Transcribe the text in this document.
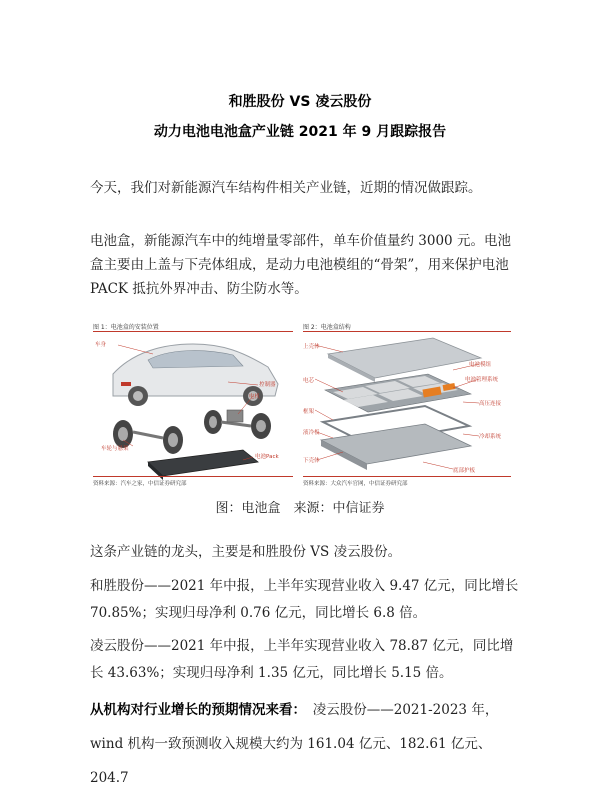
和胜股份 VS 凌云股份
动力电池电池盒产业链 2021 年 9 月跟踪报告
今天，我们对新能源汽车结构件相关产业链，近期的情况做跟踪。
电池盒，新能源汽车中的纯增量零部件，单车价值量约 3000 元。电池盒主要由上盖与下壳体组成，是动力电池模组的“骨架”，用来保护电池 PACK 抵抗外界冲击、防尘防水等。
图 1：电池盒的安装位置
车身
控制器
电机
车轮与悬架
电池Pack
资料来源：汽车之家，中信证券研究部
图 2：电池盒结构
上壳体
电芯
框架
液冷板
下壳体
电池模组
电池管理系统
高压连接
冷却系统
底部护板
资料来源：大众汽车官网，中信证券研究部
图：电池盒　来源：中信证券
这条产业链的龙头，主要是和胜股份 VS 凌云股份。
和胜股份——2021 年中报，上半年实现营业收入 9.47 亿元，同比增长 70.85%；实现归母净利 0.76 亿元，同比增长 6.8 倍。
凌云股份——2021 年中报，上半年实现营业收入 78.87 亿元，同比增长 43.63%；实现归母净利 1.35 亿元，同比增长 5.15 倍。
从机构对行业增长的预期情况来看：　凌云股份——2021-2023 年，wind 机构一致预测收入规模大约为 161.04 亿元、182.61 亿元、204.7
